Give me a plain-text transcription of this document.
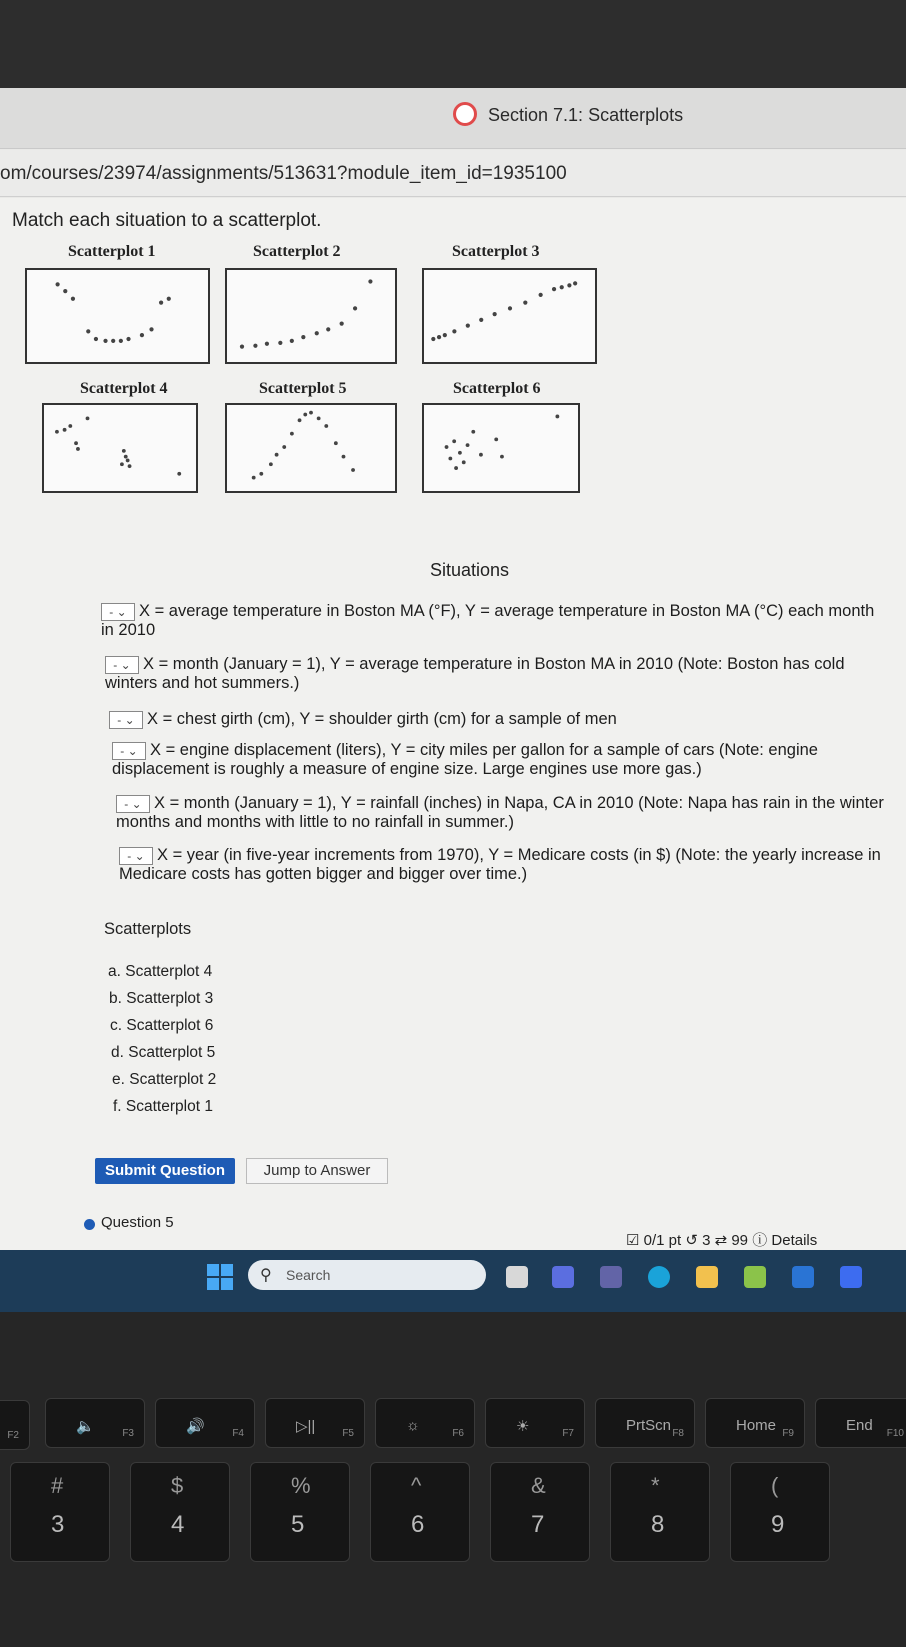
Section 7.1: Scatterplots
om/courses/23974/assignments/513631?module_item_id=1935100
Match each situation to a scatterplot.
Scatterplot 1	Scatterplot 2	Scatterplot 3
Scatterplot 4	Scatterplot 5	Scatterplot 6
Situations
- ⌄ X = average temperature in Boston MA (°F), Y = average temperature in Boston MA (°C) each month in 2010
- ⌄ X = month (January = 1), Y = average temperature in Boston MA in 2010 (Note: Boston has cold winters and hot summers.)
- ⌄ X = chest girth (cm), Y = shoulder girth (cm) for a sample of men
- ⌄ X = engine displacement (liters), Y = city miles per gallon for a sample of cars (Note: engine displacement is roughly a measure of engine size. Large engines use more gas.)
- ⌄ X = month (January = 1), Y = rainfall (inches) in Napa, CA in 2010 (Note: Napa has rain in the winter months and months with little to no rainfall in summer.)
- ⌄ X = year (in five-year increments from 1970), Y = Medicare costs (in $) (Note: the yearly increase in Medicare costs has gotten bigger and bigger over time.)
Scatterplots
a. Scatterplot 4
b. Scatterplot 3
c. Scatterplot 6
d. Scatterplot 5
e. Scatterplot 2
f. Scatterplot 1
Submit Question	Jump to Answer
Question 5
☑ 0/1 pt ↺ 3 ⇄ 99 ⓘ Details
⚲ Search
F2
🔈	F3	🔊	F4	▷||	F5	☼	F6	☀	F7	PrtScn F8	Home F9	End F10
#
3
$
4
%
5
^
6
&
7
*
8
(
9
